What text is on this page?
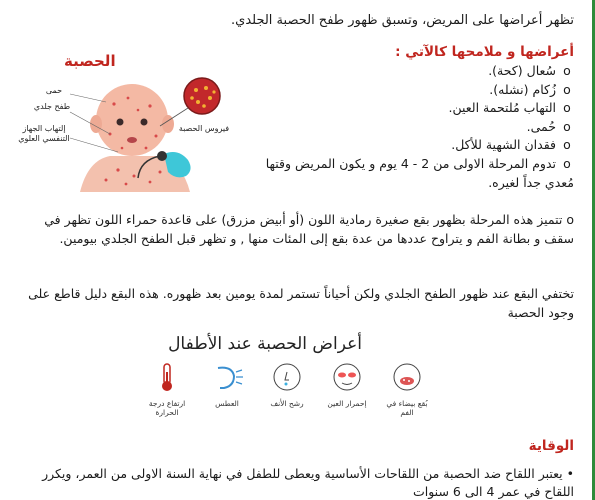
تظهر أعراضها على المريض، وتسبق ظهور طفح الحصبة الجلدي.
أعراضها و ملامحها كالآتي :
o سُعال (كحة).
o زُكام (نشله).
o التهاب مُلتحمة العين.
o حُمى.
o فقدان الشهية للأكل.
o تدوم المرحلة الاولى من 2 - 4 يوم و يكون المريض وقتها
مُعدي جداً لغيره.
o تتميز هذه المرحلة بظهور بقع صغيرة رمادية اللون (أو أبيض مزرق) على قاعدة حمراء اللون تظهر في سقف و بطانة الفم و يتراوح عددها من عدة بقع إلى المئات منها , و تظهر قبل الطفح الجلدي بيومين.
تختفي البقع عند ظهور الطفح الجلدي ولكن أحياناً تستمر لمدة يومين بعد ظهوره. هذه البقع دليل قاطع على وجود الحصبة
الحصبة
حمى
طفح جلدي
إلتهاب الجهاز التنفسي العلوي
فيروس الحصبة
أعراض الحصبة عند الأطفال
بُقع بيضاء في الفم
إحمرار العين
رشح الأنف
العطس
ارتفاع درجة الحرارة
الوقاية
• يعتبر اللقاح ضد الحصبة من اللقاحات الأساسية ويعطى للطفل في نهاية السنة الاولى من العمر، ويكرر اللقاح في عمر 4 الى 6 سنوات
